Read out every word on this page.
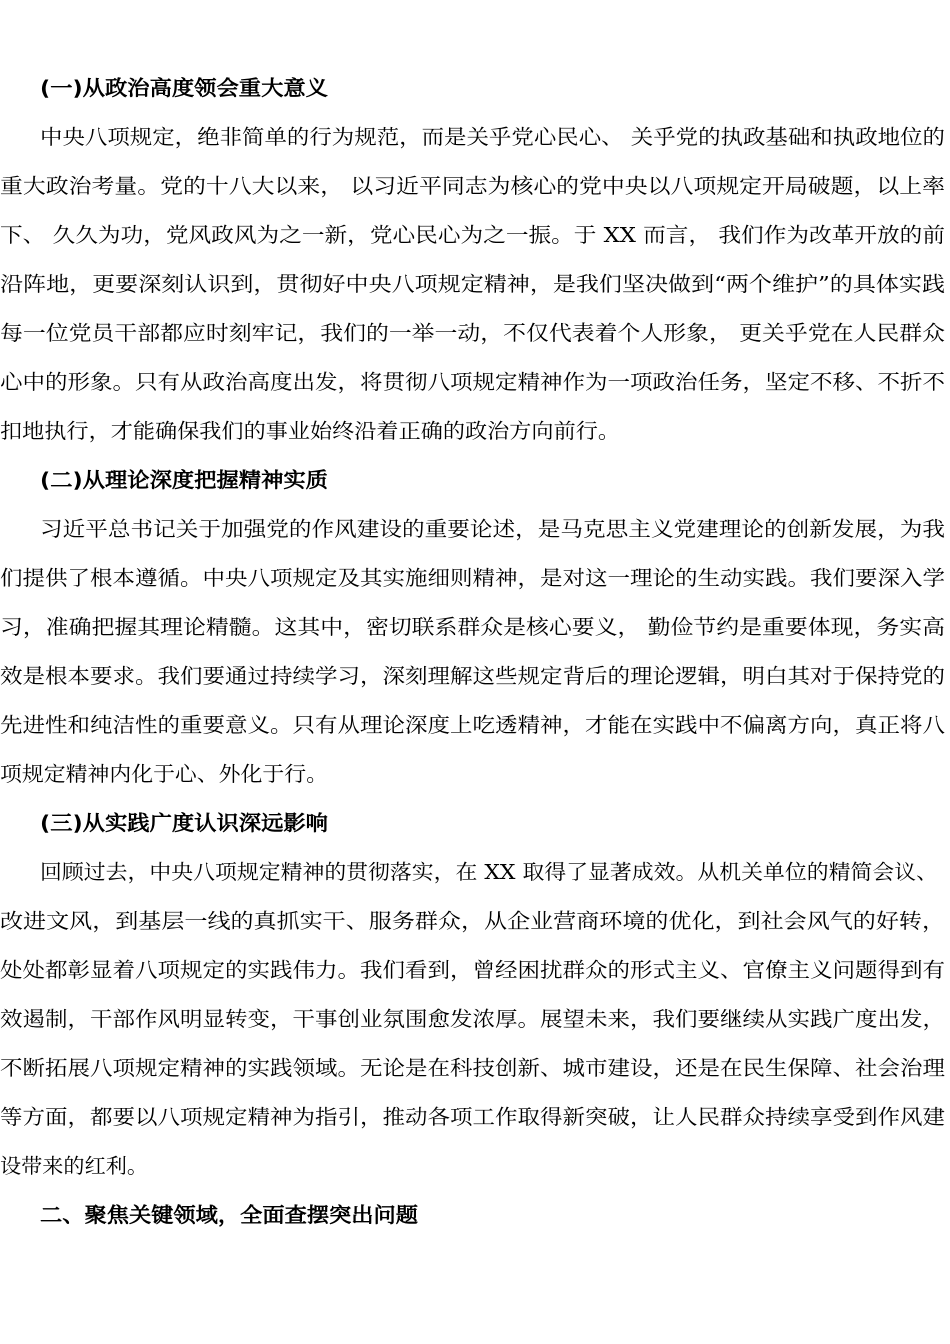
(一)从政治高度领会重大意义
中央八项规定，绝非简单的行为规范，而是关乎党心民心、 关乎党的执政基础和执政地位的
重大政治考量。党的十八大以来， 以习近平同志为核心的党中央以八项规定开局破题，以上率
下、 久久为功，党风政风为之一新，党心民心为之一振。于 XX 而言， 我们作为改革开放的前
沿阵地，更要深刻认识到，贯彻好中央八项规定精神，是我们坚决做到“两个维护”的具体实践
每一位党员干部都应时刻牢记，我们的一举一动，不仅代表着个人形象， 更关乎党在人民群众
心中的形象。只有从政治高度出发，将贯彻八项规定精神作为一项政治任务，坚定不移、不折不
扣地执行，才能确保我们的事业始终沿着正确的政治方向前行。
(二)从理论深度把握精神实质
习近平总书记关于加强党的作风建设的重要论述，是马克思主义党建理论的创新发展，为我
们提供了根本遵循。中央八项规定及其实施细则精神，是对这一理论的生动实践。我们要深入学
习，准确把握其理论精髓。这其中，密切联系群众是核心要义， 勤俭节约是重要体现，务实高
效是根本要求。我们要通过持续学习，深刻理解这些规定背后的理论逻辑，明白其对于保持党的
先进性和纯洁性的重要意义。只有从理论深度上吃透精神，才能在实践中不偏离方向，真正将八
项规定精神内化于心、外化于行。
(三)从实践广度认识深远影响
回顾过去，中央八项规定精神的贯彻落实，在 XX 取得了显著成效。从机关单位的精简会议、
改进文风，到基层一线的真抓实干、服务群众，从企业营商环境的优化，到社会风气的好转，
处处都彰显着八项规定的实践伟力。我们看到，曾经困扰群众的形式主义、官僚主义问题得到有
效遏制，干部作风明显转变，干事创业氛围愈发浓厚。展望未来，我们要继续从实践广度出发，
不断拓展八项规定精神的实践领域。无论是在科技创新、城市建设，还是在民生保障、社会治理
等方面，都要以八项规定精神为指引，推动各项工作取得新突破，让人民群众持续享受到作风建
设带来的红利。
二、聚焦关键领域，全面查摆突出问题
